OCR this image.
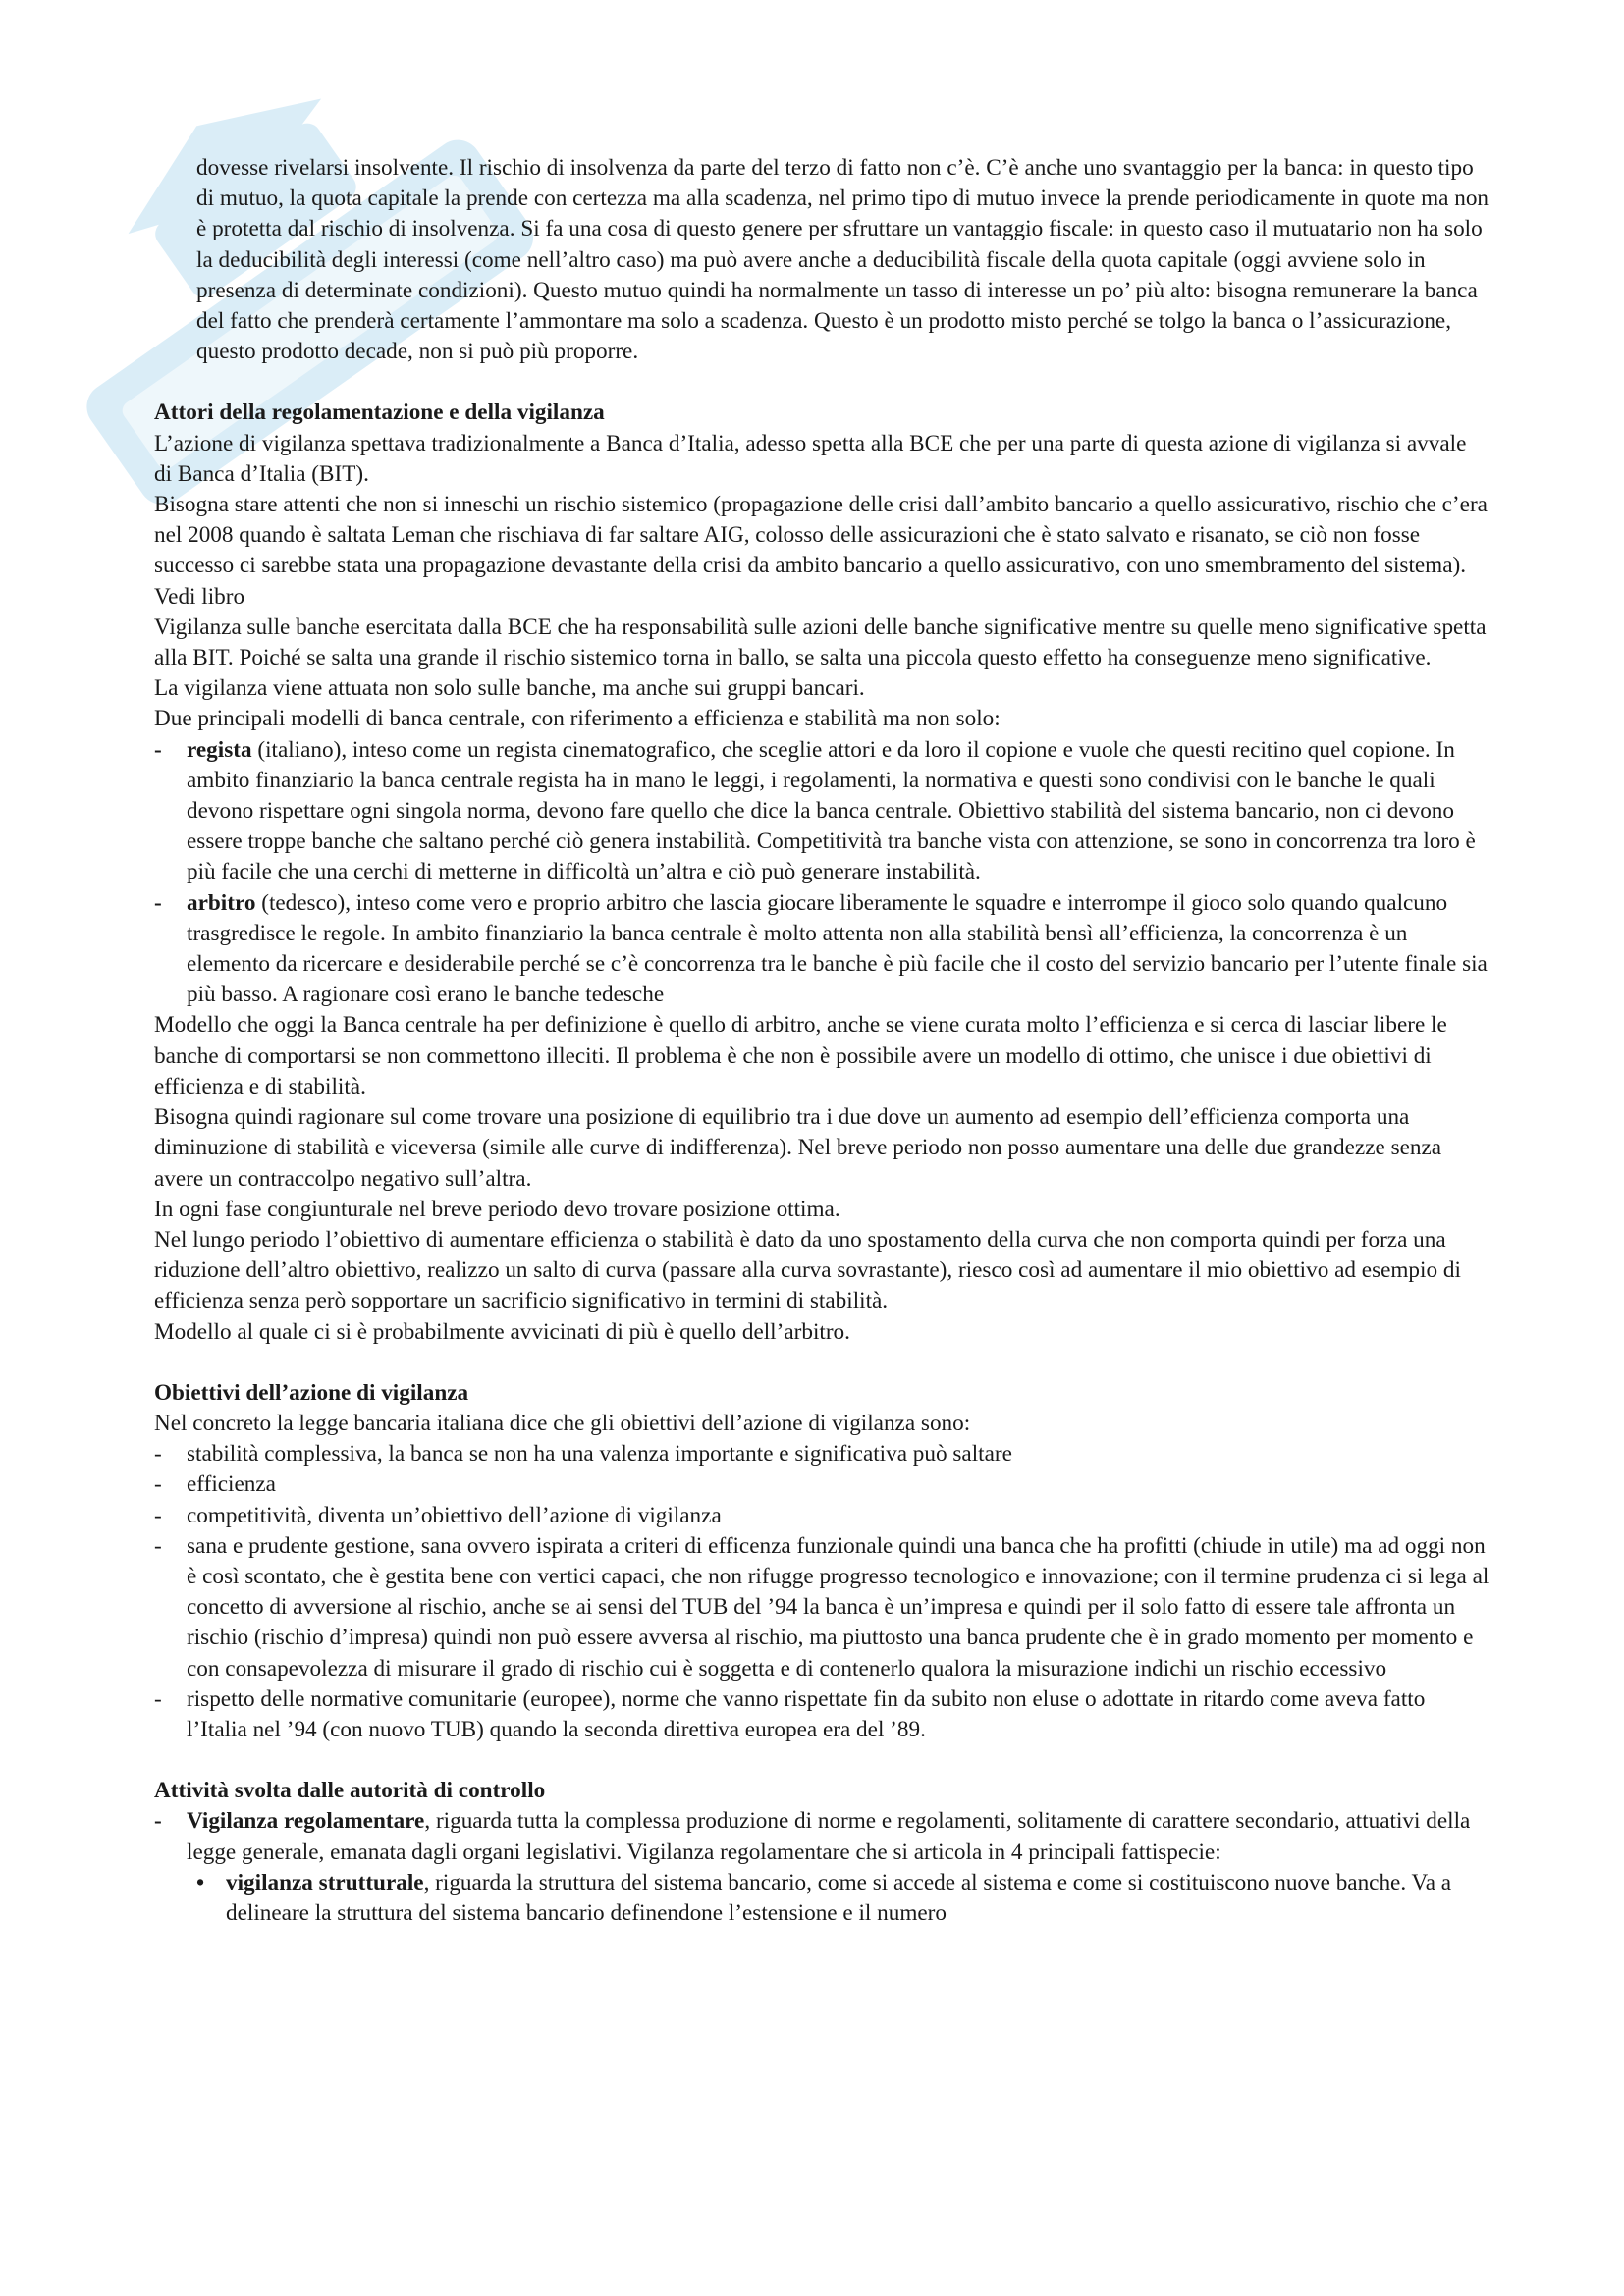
dovesse rivelarsi insolvente. Il rischio di insolvenza da parte del terzo di fatto non c’è. C’è anche uno svantaggio per la banca: in questo tipo di mutuo, la quota capitale la prende con certezza ma alla scadenza, nel primo tipo di mutuo invece la prende periodicamente in quote ma non è protetta dal rischio di insolvenza. Si fa una cosa di questo genere per sfruttare un vantaggio fiscale: in questo caso il mutuatario non ha solo la deducibilità degli interessi (come nell’altro caso) ma può avere anche a deducibilità fiscale della quota capitale (oggi avviene solo in presenza di determinate condizioni). Questo mutuo quindi ha normalmente un tasso di interesse un po’ più alto: bisogna remunerare la banca del fatto che prenderà certamente l’ammontare ma solo a scadenza. Questo è un prodotto misto perché se tolgo la banca o l’assicurazione, questo prodotto decade, non si può più proporre.

Attori della regolamentazione e della vigilanza

L’azione di vigilanza spettava tradizionalmente a Banca d’Italia, adesso spetta alla BCE che per una parte di questa azione di vigilanza si avvale di Banca d’Italia (BIT).

Bisogna stare attenti che non si inneschi un rischio sistemico (propagazione delle crisi dall’ambito bancario a quello assicurativo, rischio che c’era nel 2008 quando è saltata Leman che rischiava di far saltare AIG, colosso delle assicurazioni che è stato salvato e risanato, se ciò non fosse successo ci sarebbe stata una propagazione devastante della crisi da ambito bancario a quello assicurativo, con uno smembramento del sistema). Vedi libro

Vigilanza sulle banche esercitata dalla BCE che ha responsabilità sulle azioni delle banche significative mentre su quelle meno significative spetta alla BIT. Poiché se salta una grande il rischio sistemico torna in ballo, se salta una piccola questo effetto ha conseguenze meno significative.

La vigilanza viene attuata non solo sulle banche, ma anche sui gruppi bancari.

Due principali modelli di banca centrale, con riferimento a efficienza e stabilità ma non solo:

- regista (italiano), inteso come un regista cinematografico, che sceglie attori e da loro il copione e vuole che questi recitino quel copione. In ambito finanziario la banca centrale regista ha in mano le leggi, i regolamenti, la normativa e questi sono condivisi con le banche le quali devono rispettare ogni singola norma, devono fare quello che dice la banca centrale. Obiettivo stabilità del sistema bancario, non ci devono essere troppe banche che saltano perché ciò genera instabilità. Competitività tra banche vista con attenzione, se sono in concorrenza tra loro è più facile che una cerchi di metterne in difficoltà un’altra e ciò può generare instabilità.
- arbitro (tedesco), inteso come vero e proprio arbitro che lascia giocare liberamente le squadre e interrompe il gioco solo quando qualcuno trasgredisce le regole. In ambito finanziario la banca centrale è molto attenta non alla stabilità bensì all’efficienza, la concorrenza è un elemento da ricercare e desiderabile perché se c’è concorrenza tra le banche è più facile che il costo del servizio bancario per l’utente finale sia più basso. A ragionare così erano le banche tedesche

Modello che oggi la Banca centrale ha per definizione è quello di arbitro, anche se viene curata molto l’efficienza e si cerca di lasciar libere le banche di comportarsi se non commettono illeciti. Il problema è che non è possibile avere un modello di ottimo, che unisce i due obiettivi di efficienza e di stabilità.

Bisogna quindi ragionare sul come trovare una posizione di equilibrio tra i due dove un aumento ad esempio dell’efficienza comporta una diminuzione di stabilità e viceversa (simile alle curve di indifferenza). Nel breve periodo non posso aumentare una delle due grandezze senza avere un contraccolpo negativo sull’altra.

In ogni fase congiunturale nel breve periodo devo trovare posizione ottima.

Nel lungo periodo l’obiettivo di aumentare efficienza o stabilità è dato da uno spostamento della curva che non comporta quindi per forza una riduzione dell’altro obiettivo, realizzo un salto di curva (passare alla curva sovrastante), riesco così ad aumentare il mio obiettivo ad esempio di efficienza senza però sopportare un sacrificio significativo in termini di stabilità.

Modello al quale ci si è probabilmente avvicinati di più è quello dell’arbitro.

Obiettivi dell’azione di vigilanza

Nel concreto la legge bancaria italiana dice che gli obiettivi dell’azione di vigilanza sono:

- stabilità complessiva, la banca se non ha una valenza importante e significativa può saltare
- efficienza
- competitività, diventa un’obiettivo dell’azione di vigilanza
- sana e prudente gestione, sana ovvero ispirata a criteri di efficenza funzionale quindi una banca che ha profitti (chiude in utile) ma ad oggi non è così scontato, che è gestita bene con vertici capaci, che non rifugge progresso tecnologico e innovazione; con il termine prudenza ci si lega al concetto di avversione al rischio, anche se ai sensi del TUB del ’94 la banca è un’impresa e quindi per il solo fatto di essere tale affronta un rischio (rischio d’impresa) quindi non può essere avversa al rischio, ma piuttosto una banca prudente che è in grado momento per momento e con consapevolezza di misurare il grado di rischio cui è soggetta e di contenerlo qualora la misurazione indichi un rischio eccessivo
- rispetto delle normative comunitarie (europee), norme che vanno rispettate fin da subito non eluse o adottate in ritardo come aveva fatto l’Italia nel ’94 (con nuovo TUB) quando la seconda direttiva europea era del ’89.

Attività svolta dalle autorità di controllo

- Vigilanza regolamentare, riguarda tutta la complessa produzione di norme e regolamenti, solitamente di carattere secondario, attuativi della legge generale, emanata dagli organi legislativi. Vigilanza regolamentare che si articola in 4 principali fattispecie:
• vigilanza strutturale, riguarda la struttura del sistema bancario, come si accede al sistema e come si costituiscono nuove banche. Va a delineare la struttura del sistema bancario definendone l’estensione e il numero
